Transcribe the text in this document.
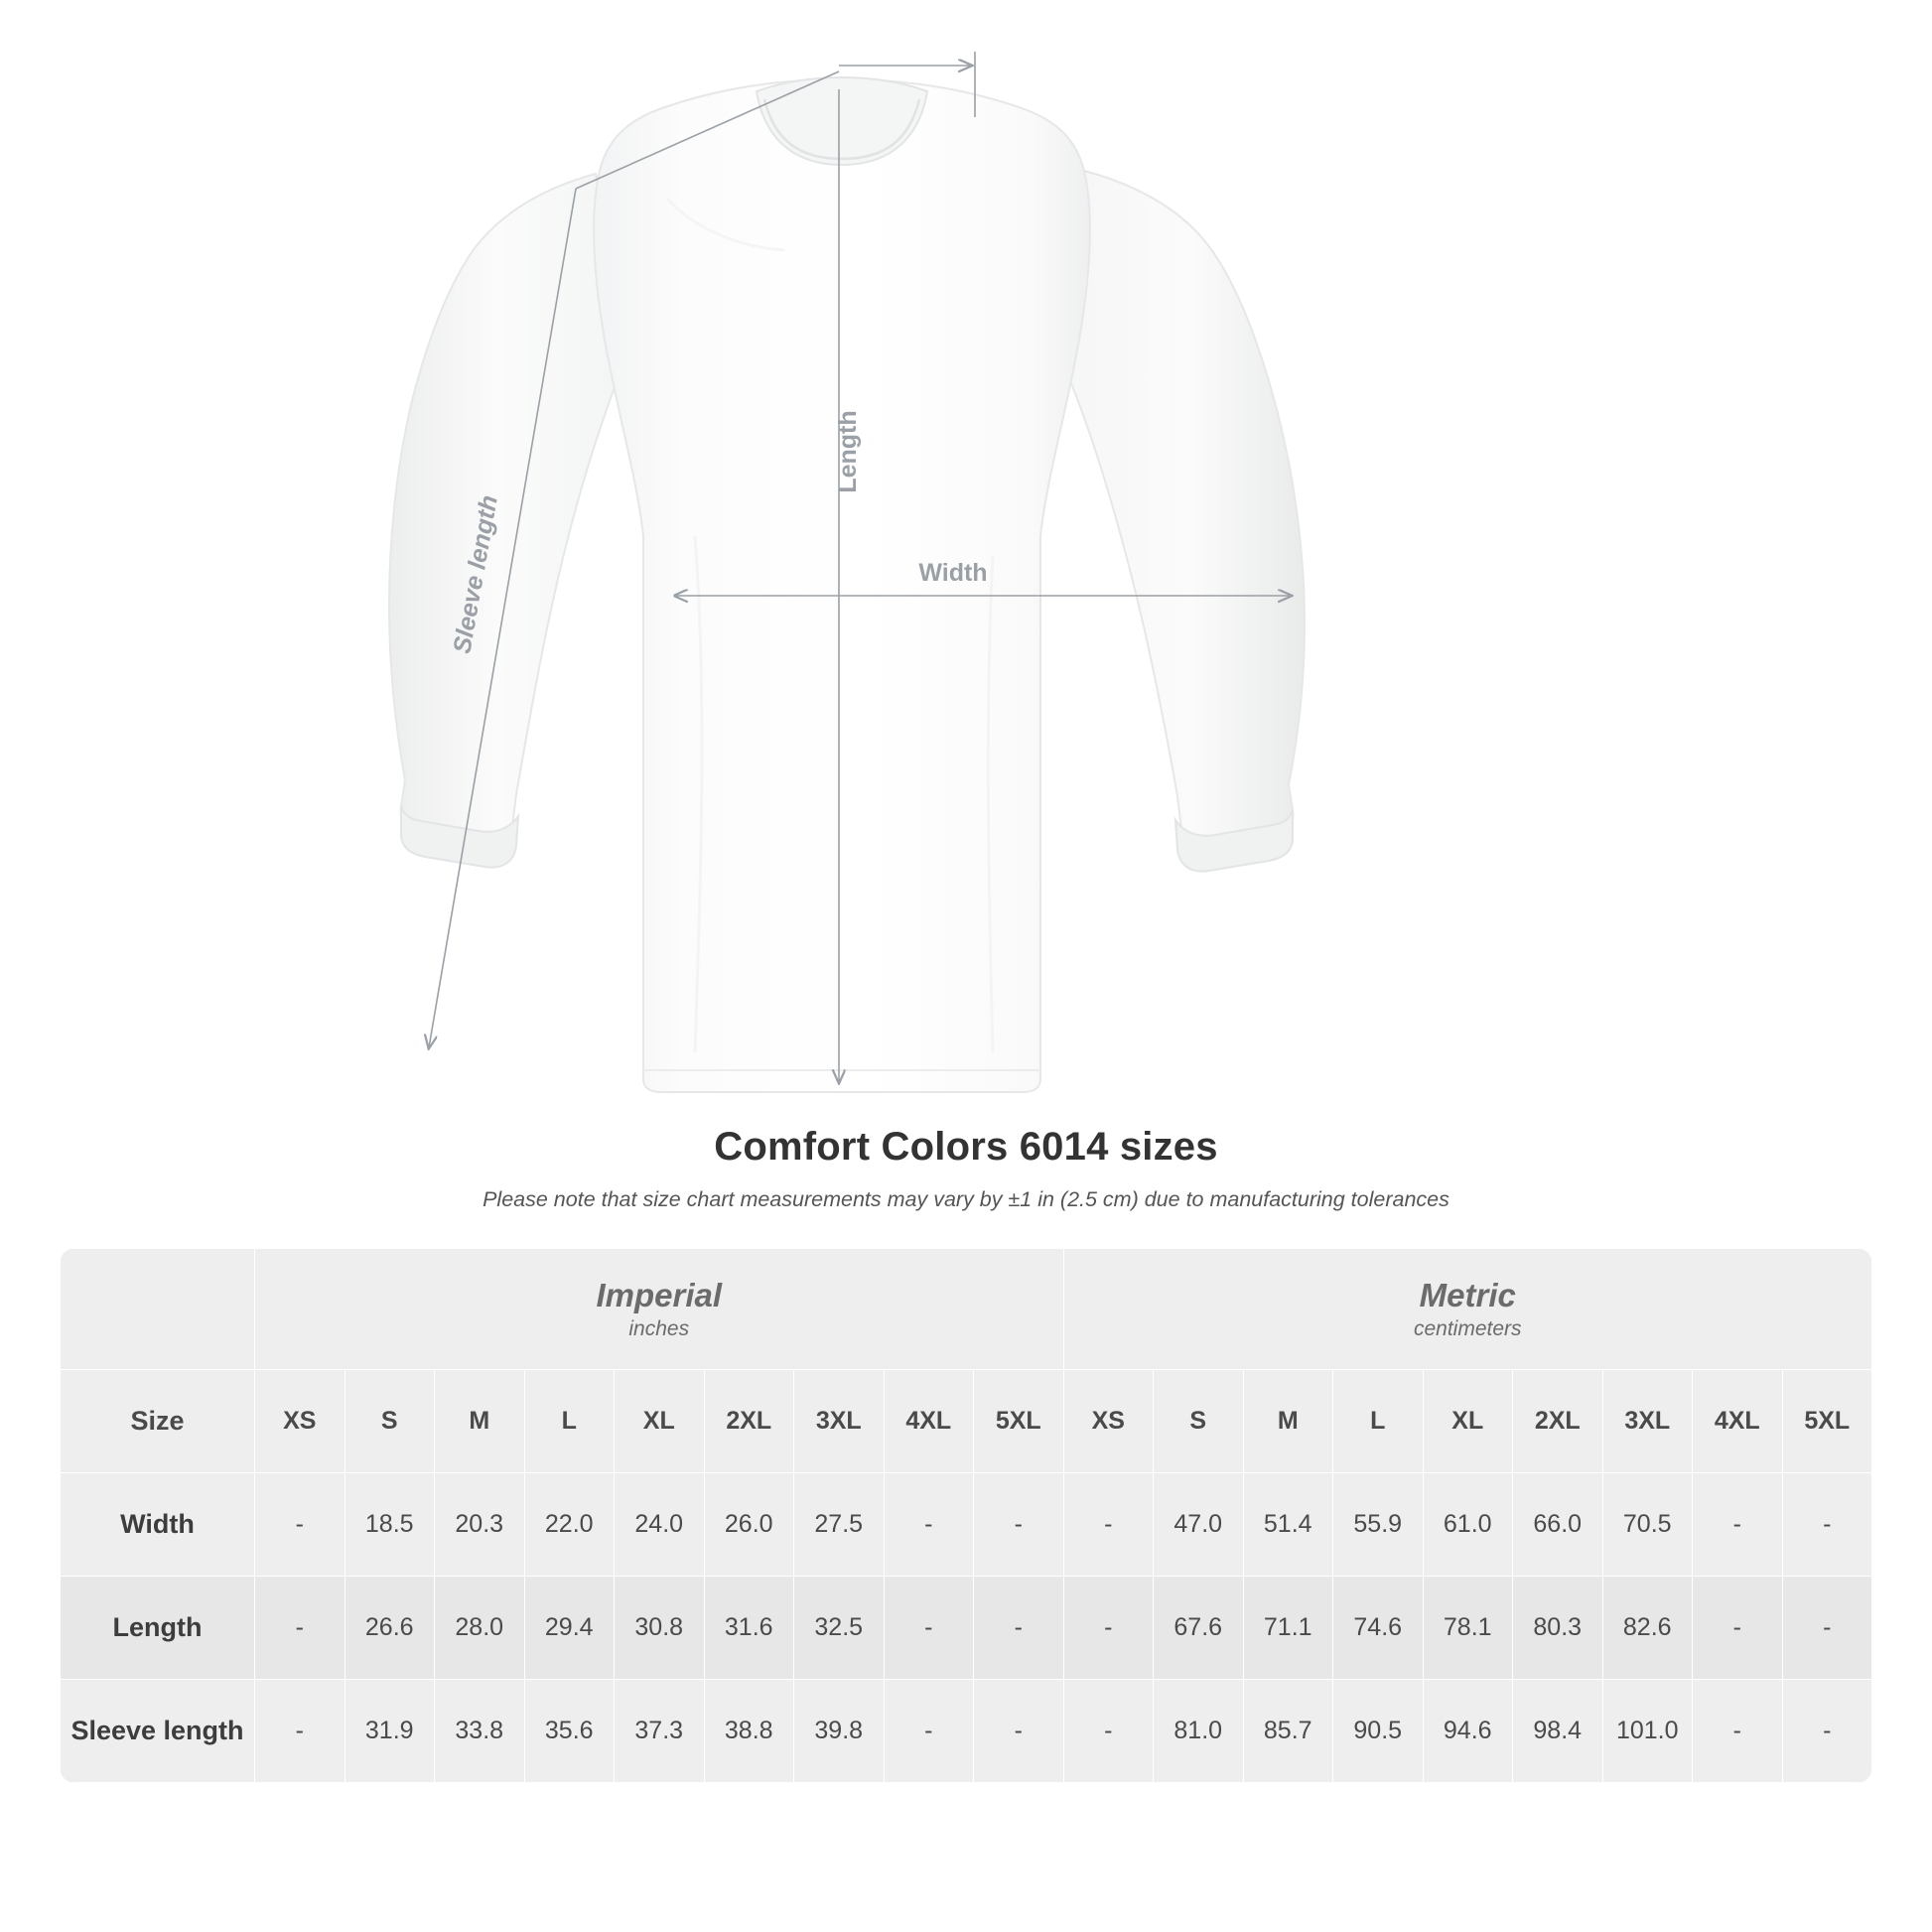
Sleeve length
Length
Width
Comfort Colors 6014 sizes
Please note that size chart measurements may vary by ±1 in (2.5 cm) due to manufacturing tolerances

Imperial
inches

Metric
centimeters

Size	XS	S	M	L	XL	2XL	3XL	4XL	5XL	XS	S	M	L	XL	2XL	3XL	4XL	5XL
Width	-	18.5	20.3	22.0	24.0	26.0	27.5	-	-	-	47.0	51.4	55.9	61.0	66.0	70.5	-	-
Length	-	26.6	28.0	29.4	30.8	31.6	32.5	-	-	-	67.6	71.1	74.6	78.1	80.3	82.6	-	-
Sleeve length	-	31.9	33.8	35.6	37.3	38.8	39.8	-	-	-	81.0	85.7	90.5	94.6	98.4	101.0	-	-
